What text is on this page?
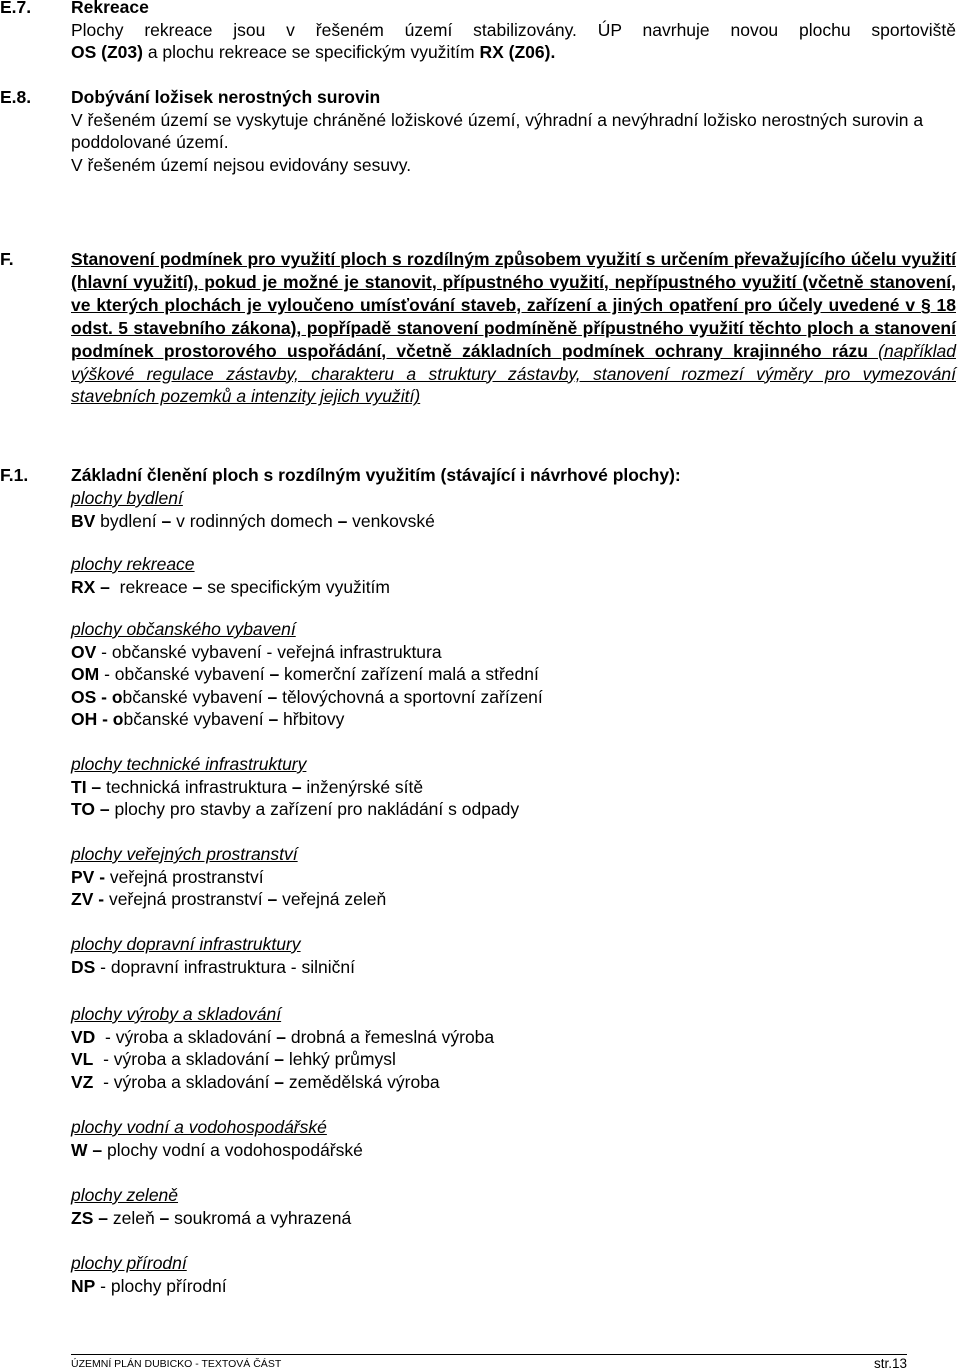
E.7.	Rekreace
Plochy rekreace jsou v řešeném území stabilizovány. ÚP navrhuje novou plochu sportoviště
OS (Z03) a plochu rekreace se specifickým využitím RX (Z06).
E.8.	Dobývání ložisek nerostných surovin
V řešeném území se vyskytuje chráněné ložiskové území, výhradní a nevýhradní ložisko nerostných surovin a poddolované území.
V řešeném území nejsou evidovány sesuvy.
F.	Stanovení podmínek pro využití ploch s rozdílným způsobem využití s určením převažujícího účelu využití (hlavní využití), pokud je možné je stanovit, přípustného využití, nepřípustného využití (včetně stanovení, ve kterých plochách je vyloučeno umísťování staveb, zařízení a jiných opatření pro účely uvedené v § 18 odst. 5 stavebního zákona), popřípadě stanovení podmíněně přípustného využití těchto ploch a stanovení podmínek prostorového uspořádání, včetně základních podmínek ochrany krajinného rázu (například výškové regulace zástavby, charakteru a struktury zástavby, stanovení rozmezí výměry pro vymezování stavebních pozemků a intenzity jejich využití)
F.1.	Základní členění ploch s rozdílným využitím (stávající i návrhové plochy):
plochy bydlení
BV bydlení – v rodinných domech – venkovské
plochy rekreace
RX –  rekreace – se specifickým využitím
plochy občanského vybavení
OV - občanské vybavení - veřejná infrastruktura
OM - občanské vybavení – komerční zařízení malá a střední
OS - občanské vybavení – tělovýchovná a sportovní zařízení
OH - občanské vybavení – hřbitovy
plochy technické infrastruktury
TI – technická infrastruktura – inženýrské sítě
TO – plochy pro stavby a zařízení pro nakládání s odpady
plochy veřejných prostranství
PV - veřejná prostranství
ZV - veřejná prostranství – veřejná zeleň
plochy dopravní infrastruktury
DS - dopravní infrastruktura - silniční
plochy výroby a skladování
VD  - výroba a skladování – drobná a řemeslná výroba
VL  - výroba a skladování – lehký průmysl
VZ  - výroba a skladování – zemědělská výroba
plochy vodní a vodohospodářské
W – plochy vodní a vodohospodářské
plochy zeleně
ZS – zeleň – soukromá a vyhrazená
plochy přírodní
NP - plochy přírodní
ÚZEMNÍ PLÁN DUBICKO - TEXTOVÁ ČÁST	str.13
